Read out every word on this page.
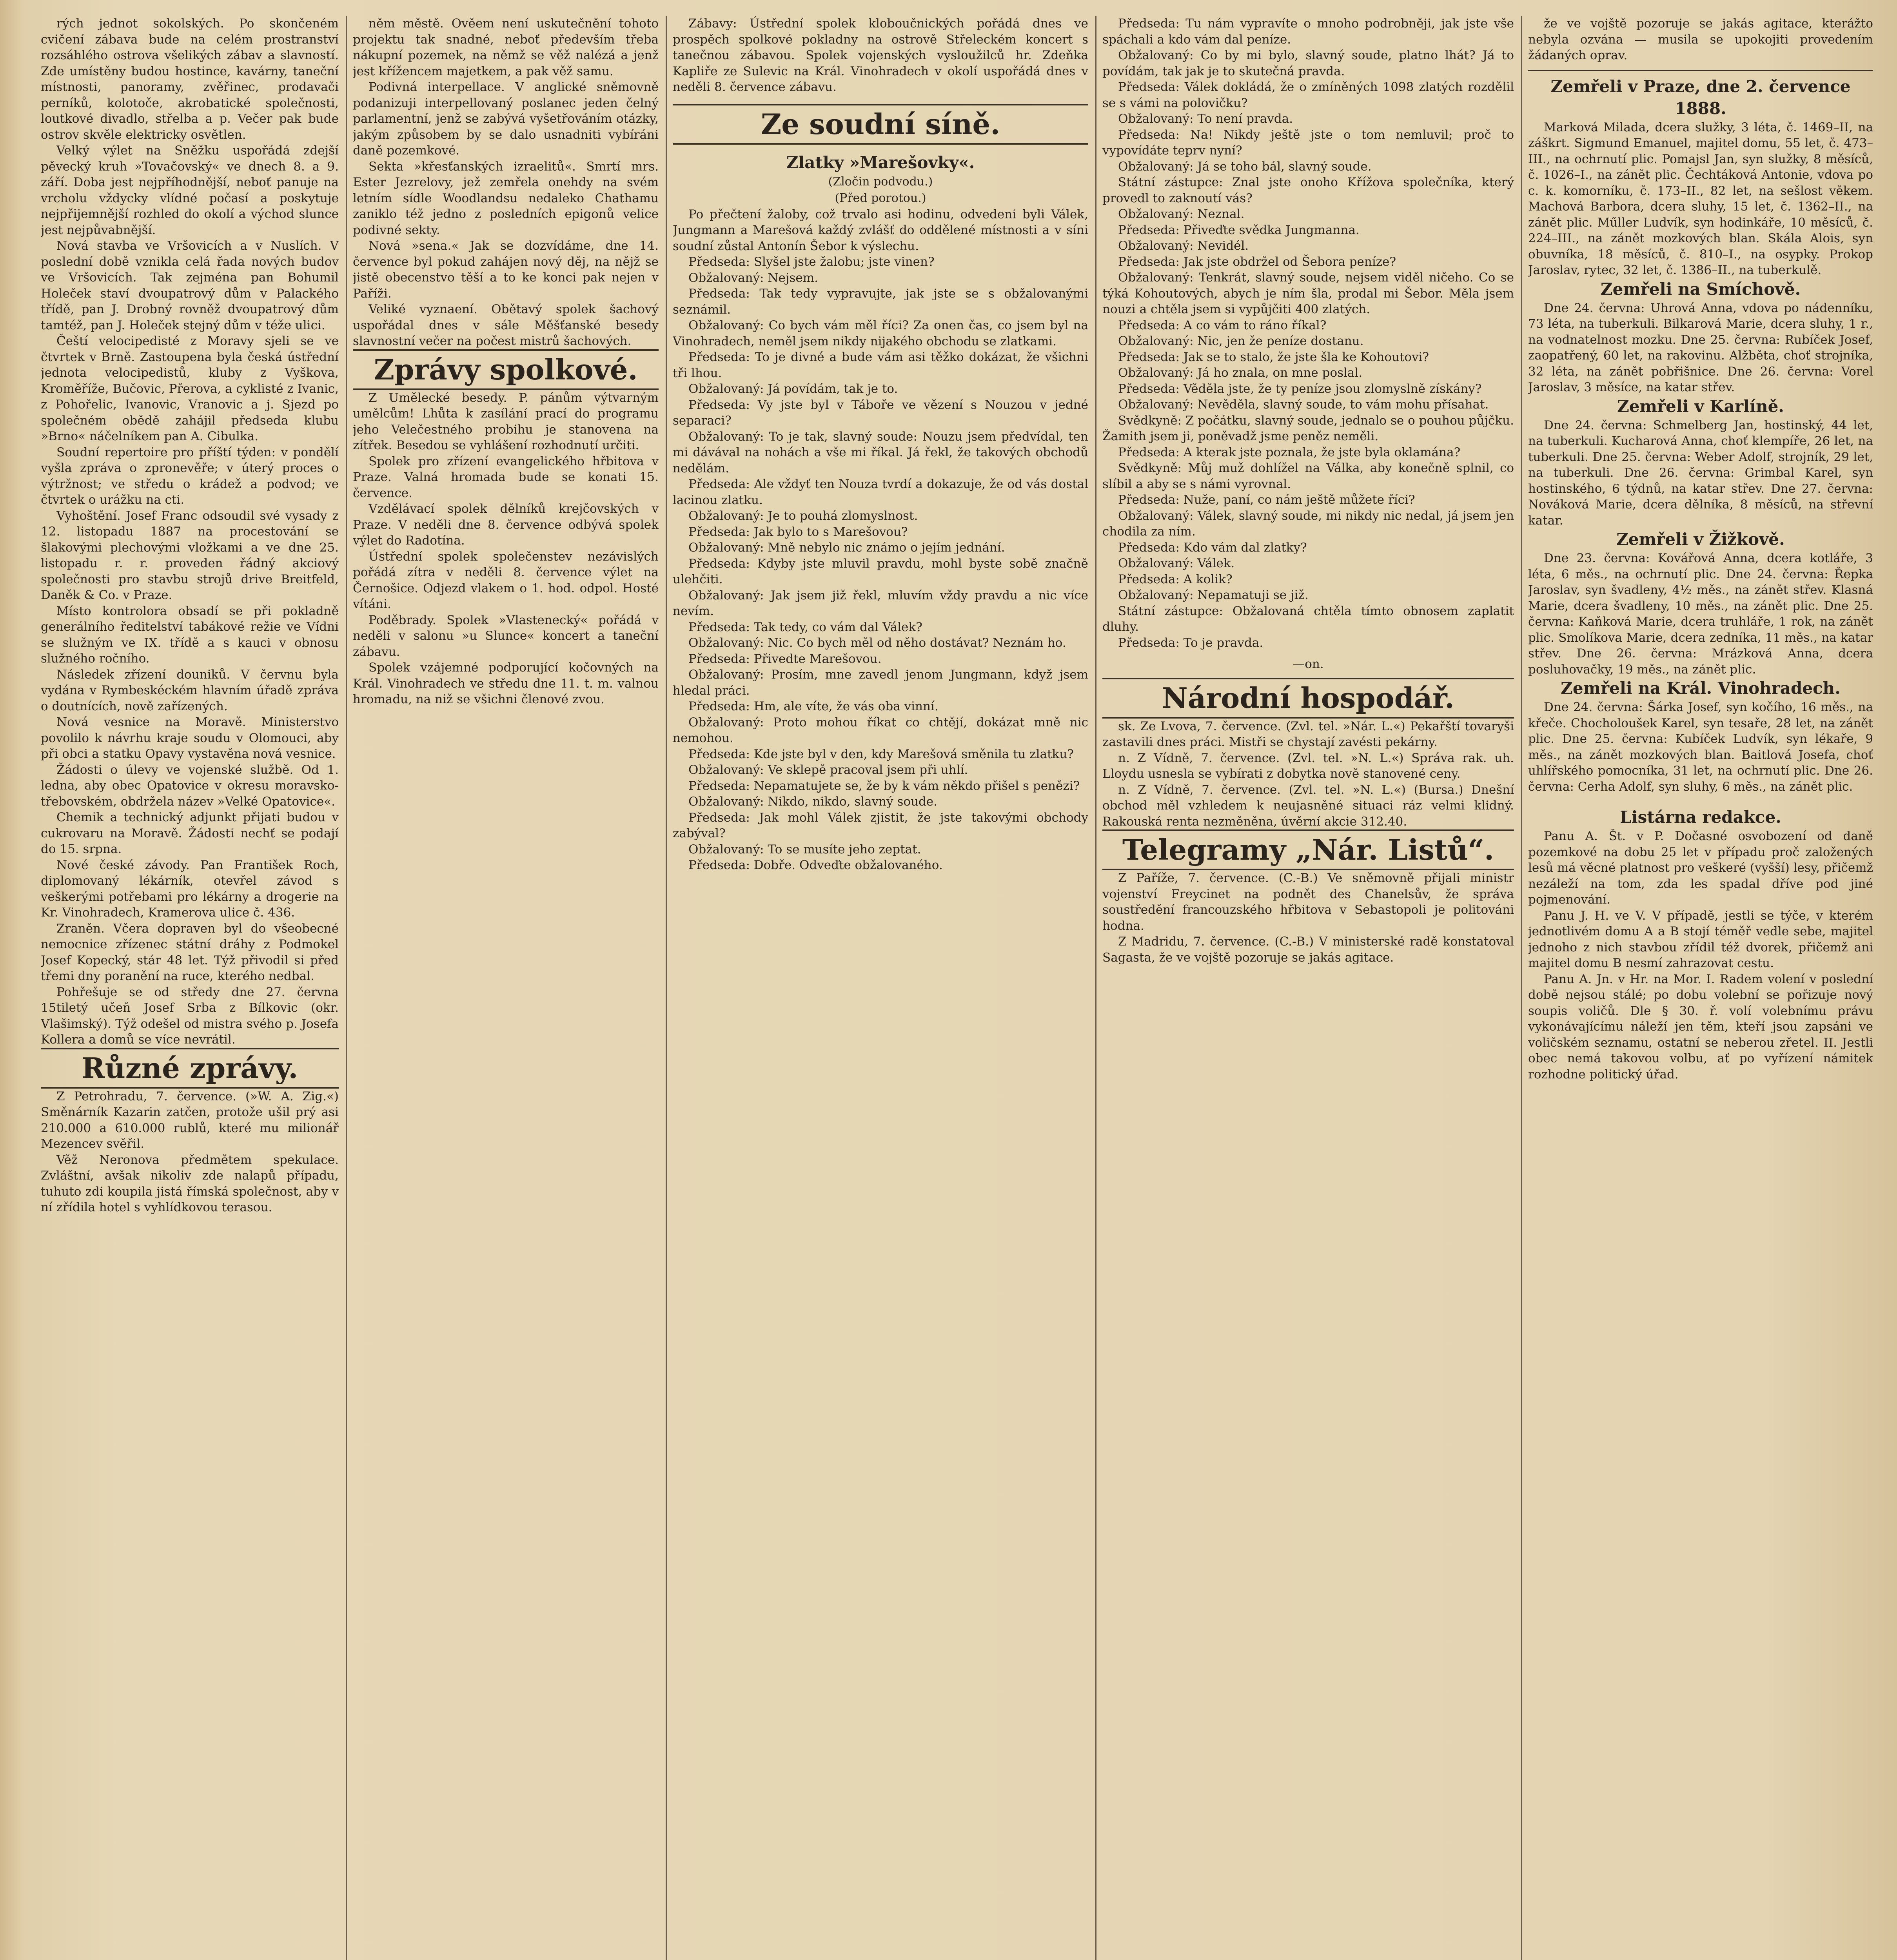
rých jednot sokolských. Po skončeném cvičení zábava bude na celém prostranství rozsáhlého ostrova všelikých zábav a slavností. Zde umístěny budou hostince, kavárny, taneční místnosti, panoramy, zvěřinec, prodavači perníků, kolotoče, akrobatické společnosti, loutkové divadlo, střelba a p. Večer pak bude ostrov skvěle elektricky osvětlen.

Velký výlet na Sněžku uspořádá zdejší pěvecký kruh »Tovačovský« ve dnech 8. a 9. září. Doba jest nejpříhodnější, neboť panuje na vrcholu vždycky vlídné počasí a poskytuje nejpřijemnější rozhled do okolí a východ slunce jest nejpůvabnější.

Nová stavba ve Vršovicích a v Nuslích. V poslední době vznikla celá řada nových budov ve Vršovicích. Tak zejména pan Bohumil Holeček staví dvoupatrový dům v Palackého třídě, pan J. Drobný rovněž dvoupatrový dům tamtéž, pan J. Holeček stejný dům v téže ulici.

Čeští velocipedisté z Moravy sjeli se ve čtvrtek v Brně. Zastoupena byla česká ústřední jednota velocipedistů, kluby z Vyškova, Kroměříže, Bučovic, Přerova, a cyklisté z Ivanic, z Pohořelic, Ivanovic, Vranovic a j. Sjezd po společném obědě zahájil předseda klubu »Brno« náčelníkem pan A. Cibulka.

Soudní repertoire pro příští týden: v pondělí vyšla zpráva o zpronevěře; v úterý proces o výtržnost; ve středu o krádež a podvod; ve čtvrtek o urážku na cti.

Vyhoštění. Josef Franc odsoudil své vysady z 12. listopadu 1887 na procestování se šlakovými plechovými vložkami a ve dne 25. listopadu r. r. proveden řádný akciový společnosti pro stavbu strojů drive Breitfeld, Daněk & Co. v Praze.

Místo kontrolora obsadí se při pokladně generálního ředitelství tabákové režie ve Vídni se služným ve IX. třídě a s kauci v obnosu služného ročního.

Následek zřízení douniků. V červnu byla vydána v Rymbeskéckém hlavním úřadě zpráva o doutnících, nově zařízených.

Nová vesnice na Moravě. Ministerstvo povolilo k návrhu kraje soudu v Olomouci, aby při obci a statku Opavy vystavěna nová vesnice.

Žádosti o úlevy ve vojenské službě. Od 1. ledna, aby obec Opatovice v okresu moravsko-třebovském, obdržela název »Velké Opatovice«.

Chemik a technický adjunkt přijati budou v cukrovaru na Moravě. Žádosti nechť se podají do 15. srpna.

Nové české závody. Pan František Roch, diplomovaný lékárník, otevřel závod s veškerými potřebami pro lékárny a drogerie na Kr. Vinohradech, Kramerova ulice č. 436.

Zraněn. Včera dopraven byl do všeobecné nemocnice zřízenec státní dráhy z Podmokel Josef Kopecký, stár 48 let. Týž přivodil si před třemi dny poranění na ruce, kterého nedbal.

Pohřešuje se od středy dne 27. června 15tiletý učeň Josef Srba z Bílkovic (okr. Vlašimský). Týž odešel od mistra svého p. Josefa Kollera a domů se více nevrátil.

Různé zprávy.

Z Petrohradu, 7. července. (»W. A. Zig.«) Směnárník Kazarin zatčen, protože ušil prý asi 210.000 a 610.000 rublů, které mu milionář Mezencev svěřil.

Věž Neronova předmětem spekulace. Zvláštní, avšak nikoliv zde nalapů případu, tuhuto zdi koupila jistá římská společnost, aby v ní zřídila hotel s vyhlídkovou terasou.

něm městě. Ověem není uskutečnění tohoto projektu tak snadné, neboť především třeba nákupní pozemek, na němž se věž nalézá a jenž jest křížencem majetkem, a pak věž samu.

Podivná interpellace. V anglické sněmovně podanizuji interpellovaný poslanec jeden čelný parlamentní, jenž se zabývá vyšetřováním otázky, jakým způsobem by se dalo usnadniti vybíráni daně pozemkové.

Sekta »křesťanských izraelitů«. Smrtí mrs. Ester Jezrelovy, jež zemřela onehdy na svém letním sídle Woodlandsu nedaleko Chathamu zaniklo též jedno z posledních epigonů velice podivné sekty.

Nová »sena.« Jak se dozvídáme, dne 14. července byl pokud zahájen nový děj, na nějž se jistě obecenstvo těší a to ke konci pak nejen v Paříži.

Veliké vyznaení. Obětavý spolek šachový uspořádal dnes v sále Měšťanské besedy slavnostní večer na počest mistrů šachových.

Zprávy spolkové.

Z Umělecké besedy. P. pánům výtvarným umělcům! Lhůta k zasílání prací do programu jeho Velečestného probihu je stanovena na zítřek. Besedou se vyhlášení rozhodnutí určiti.

Spolek pro zřízení evangelického hřbitova v Praze. Valná hromada bude se konati 15. července.

Vzdělávací spolek dělníků krejčovských v Praze. V neděli dne 8. července odbývá spolek výlet do Radotína.

Ústřední spolek společenstev nezávislých pořádá zítra v neděli 8. července výlet na Černošice. Odjezd vlakem o 1. hod. odpol. Hosté vítáni.

Poděbrady. Spolek »Vlastenecký« pořádá v neděli v salonu »u Slunce« koncert a taneční zábavu.

Spolek vzájemné podporující kočovných na Král. Vinohradech ve středu dne 11. t. m. valnou hromadu, na niž se všichni členové zvou.

Zábavy: Ústřední spolek kloboučnických pořádá dnes ve prospěch spolkové pokladny na ostrově Střeleckém koncert s tanečnou zábavou. Spolek vojenských vysloužilců hr. Zdeňka Kapliře ze Sulevic na Král. Vinohradech v okolí uspořádá dnes v neděli 8. července zábavu.

Ze soudní síně.
Zlatky »Marešovky«.
(Zločin podvodu.)
(Před porotou.)

Po přečtení žaloby, což trvalo asi hodinu, odvedeni byli Válek, Jungmann a Marešová každý zvlášť do oddělené místnosti a v síni soudní zůstal Antonín Šebor k výslechu.

Předseda: Slyšel jste žalobu; jste vinen?

Obžalovaný: Nejsem.

Předseda: Tak tedy vypravujte, jak jste se s obžalovanými seznámil.

Obžalovaný: Co bych vám měl říci? Za onen čas, co jsem byl na Vinohradech, neměl jsem nikdy nijakého obchodu se zlatkami.

Předseda: To je divné a bude vám asi těžko dokázat, že všichni tři lhou.

Obžalovaný: Já povídám, tak je to.

Předseda: Vy jste byl v Táboře ve vězení s Nouzou v jedné separaci?

Obžalovaný: To je tak, slavný soude: Nouzu jsem předvídal, ten mi dávával na nohách a vše mi říkal. Já řekl, že takových obchodů nedělám.

Předseda: Ale vždyť ten Nouza tvrdí a dokazuje, že od vás dostal lacinou zlatku.

Obžalovaný: Je to pouhá zlomyslnost.

Předseda: Jak bylo to s Marešovou?

Obžalovaný: Mně nebylo nic známo o jejím jednání.

Předseda: Kdyby jste mluvil pravdu, mohl byste sobě značně ulehčiti.

Obžalovaný: Jak jsem již řekl, mluvím vždy pravdu a nic více nevím.

Předseda: Tak tedy, co vám dal Válek?

Obžalovaný: Nic. Co bych měl od něho dostávat? Neznám ho.

Předseda: Přivedte Marešovou.

Obžalovaný: Prosím, mne zavedl jenom Jungmann, když jsem hledal práci.

Předseda: Hm, ale víte, že vás oba vinní.

Obžalovaný: Proto mohou říkat co chtějí, dokázat mně nic nemohou.

Předseda: Kde jste byl v den, kdy Marešová směnila tu zlatku?

Obžalovaný: Ve sklepě pracoval jsem při uhlí.

Předseda: Nepamatujete se, že by k vám někdo přišel s penězi?

Obžalovaný: Nikdo, nikdo, slavný soude.

Předseda: Jak mohl Válek zjistit, že jste takovými obchody zabýval?

Obžalovaný: To se musíte jeho zeptat.

Předseda: Dobře. Odveďte obžalovaného.

Předseda: Tu nám vypravíte o mnoho podrobněji, jak jste vše spáchali a kdo vám dal peníze.

Obžalovaný: Co by mi bylo, slavný soude, platno lhát? Já to povídám, tak jak je to skutečná pravda.

Předseda: Válek dokládá, že o zmíněných 1098 zlatých rozdělil se s vámi na polovičku?

Obžalovaný: To není pravda.

Předseda: Na! Nikdy ještě jste o tom nemluvil; proč to vypovídáte teprv nyní?

Obžalovaný: Já se toho bál, slavný soude.

Státní zástupce: Znal jste onoho Křížova společníka, který provedl to zaknoutí vás?

Obžalovaný: Neznal.

Předseda: Přiveďte svědka Jungmanna.

Obžalovaný: Nevidél.

Předseda: Jak jste obdržel od Šebora peníze?

Obžalovaný: Tenkrát, slavný soude, nejsem viděl ničeho. Co se týká Kohoutových, abych je ním šla, prodal mi Šebor. Měla jsem nouzi a chtěla jsem si vypůjčiti 400 zlatých.

Předseda: A co vám to ráno říkal?

Obžalovaný: Nic, jen že peníze dostanu.

Předseda: Jak se to stalo, že jste šla ke Kohoutovi?

Obžalovaný: Já ho znala, on mne poslal.

Předseda: Věděla jste, že ty peníze jsou zlomyslně získány?

Obžalovaný: Nevěděla, slavný soude, to vám mohu přísahat.

Svědkyně: Z počátku, slavný soude, jednalo se o pouhou půjčku. Žamith jsem ji, poněvadž jsme peněz neměli.

Předseda: A kterak jste poznala, že jste byla oklamána?

Svědkyně: Můj muž dohlížel na Válka, aby konečně splnil, co slíbil a aby se s námi vyrovnal.

Předseda: Nuže, paní, co nám ještě můžete říci?

Obžalovaný: Válek, slavný soude, mi nikdy nic nedal, já jsem jen chodila za ním.

Předseda: Kdo vám dal zlatky?

Obžalovaný: Válek.

Předseda: A kolik?

Obžalovaný: Nepamatuji se již.

Státní zástupce: Obžalovaná chtěla tímto obnosem zaplatit dluhy.

Předseda: To je pravda.

—on.

Národní hospodář.

sk. Ze Lvova, 7. července. (Zvl. tel. »Nár. L.«) Pekařští tovaryši zastavili dnes práci. Mistři se chystají zavésti pekárny.

n. Z Vídně, 7. července. (Zvl. tel. »N. L.«) Správa rak. uh. Lloydu usnesla se vybírati z dobytka nově stanovené ceny.

n. Z Vídně, 7. července. (Zvl. tel. »N. L.«) (Bursa.) Dnešní obchod měl vzhledem k neujasněné situaci ráz velmi klidný. Rakouská renta nezměněna, úvěrní akcie 312.40.

Telegramy „Nár. Listů“.

Z Paříže, 7. července. (C.-B.) Ve sněmovně přijali ministr vojenství Freycinet na podnět des Chanelsův, že správa soustředění francouzského hřbitova v Sebastopoli je politováni hodna.

Z Madridu, 7. července. (C.-B.) V ministerské radě konstatoval Sagasta, že ve vojště pozoruje se jakás agitace.

že ve vojště pozoruje se jakás agitace, kterážto nebyla ozvána — musila se upokojiti provedením žádaných oprav.

Zemřeli v Praze, dne 2. července 1888.

Marková Milada, dcera služky, 3 léta, č. 1469–II, na záškrt. Sigmund Emanuel, majitel domu, 55 let, č. 473–III., na ochrnutí plic. Pomajsl Jan, syn služky, 8 měsíců, č. 1026–I., na zánět plic. Čechtáková Antonie, vdova po c. k. komorníku, č. 173–II., 82 let, na sešlost věkem. Machová Barbora, dcera sluhy, 15 let, č. 1362–II., na zánět plic. Műller Ludvík, syn hodinkáře, 10 měsíců, č. 224–III., na zánět mozkových blan. Skála Alois, syn obuvníka, 18 měsíců, č. 810–I., na osypky. Prokop Jaroslav, rytec, 32 let, č. 1386–II., na tuberkulě.

Zemřeli na Smíchově.

Dne 24. června: Uhrová Anna, vdova po nádenníku, 73 léta, na tuberkuli. Bilkarová Marie, dcera sluhy, 1 r., na vodnatelnost mozku. Dne 25. června: Rubíček Josef, zaopatřený, 60 let, na rakovinu. Alžběta, choť strojníka, 32 léta, na zánět pobřišnice. Dne 26. června: Vorel Jaroslav, 3 měsíce, na katar střev.

Zemřeli v Karlíně.

Dne 24. června: Schmelberg Jan, hostinský, 44 let, na tuberkuli. Kucharová Anna, choť klempíře, 26 let, na tuberkuli. Dne 25. června: Weber Adolf, strojník, 29 let, na tuberkuli. Dne 26. června: Grimbal Karel, syn hostinského, 6 týdnů, na katar střev. Dne 27. června: Nováková Marie, dcera dělníka, 8 měsíců, na střevní katar.

Zemřeli v Žižkově.

Dne 23. června: Kovářová Anna, dcera kotláře, 3 léta, 6 měs., na ochrnutí plic. Dne 24. června: Řepka Jaroslav, syn švadleny, 4½ měs., na zánět střev. Klasná Marie, dcera švadleny, 10 měs., na zánět plic. Dne 25. června: Kaňková Marie, dcera truhláře, 1 rok, na zánět plic. Smolíkova Marie, dcera zedníka, 11 měs., na katar střev. Dne 26. června: Mrázková Anna, dcera posluhovačky, 19 měs., na zánět plic.

Zemřeli na Král. Vinohradech.

Dne 24. června: Šárka Josef, syn kočího, 16 měs., na křeče. Chocholoušek Karel, syn tesaře, 28 let, na zánět plic. Dne 25. června: Kubíček Ludvík, syn lékaře, 9 měs., na zánět mozkových blan. Baitlová Josefa, choť uhlířského pomocníka, 31 let, na ochrnutí plic. Dne 26. června: Cerha Adolf, syn sluhy, 6 měs., na zánět plic.

Listárna redakce.

Panu A. Št. v P. Dočasné osvobození od daně pozemkové na dobu 25 let v případu proč založených lesů má věcné platnost pro veškeré (vyšší) lesy, přičemž nezáleží na tom, zda les spadal dříve pod jiné pojmenování.

Panu J. H. ve V. V případě, jestli se týče, v kterém jednotlivém domu A a B stojí téměř vedle sebe, majitel jednoho z nich stavbou zřídil též dvorek, přičemž ani majitel domu B nesmí zahrazovat cestu.

Panu A. Jn. v Hr. na Mor. I. Radem volení v poslední době nejsou stálé; po dobu volební se pořizuje nový soupis voličů. Dle § 30. ř. volí volebnímu právu vykonávajícímu náleží jen těm, kteří jsou zapsáni ve voličském seznamu, ostatní se neberou zřetel. II. Jestli obec nemá takovou volbu, ať po vyřízení námitek rozhodne politický úřad.
